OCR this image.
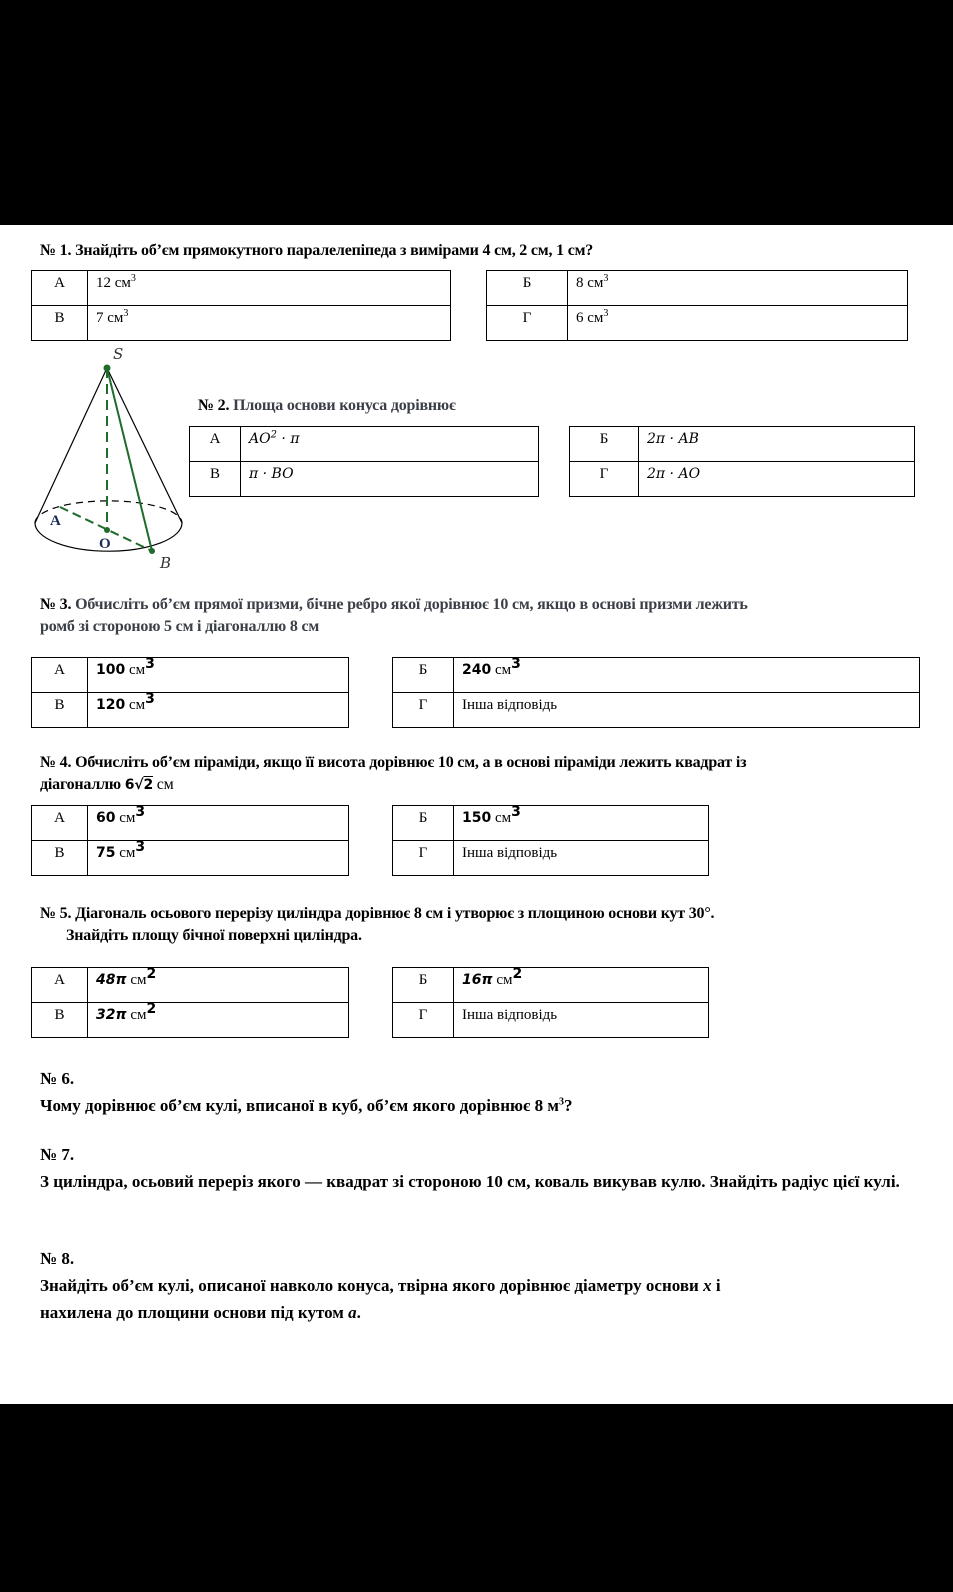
№ 1. Знайдіть об’єм прямокутного паралелепіпеда з вимірами 4 см, 2 см, 1 см?
А	12 $см^3$
В	7 $см^3$
Б	8 $см^3$
Г	6 $см^3$
S
A
O
B
№ 2. Площа основи конуса дорівнює
А	$AO^2 \cdot \pi$
В	π · BO
Б	2π · AB
Г	2π · AO
№ 3. Обчисліть об’єм прямої призми, бічне ребро якої дорівнює 10 см, якщо в основі призми лежить
ромб зі стороною 5 см і діагоналлю 8 см
А	100 $см^3$
В	120 $см^3$
Б	240 $см^3$
Г	Інша відповідь
№ 4. Обчисліть об’єм піраміди, якщо її висота дорівнює 10 см, а в основі піраміди лежить квадрат із
діагоналлю 6√2 см
А	60 $см^3$
В	75 $см^3$
Б	150 $см^3$
Г	Інша відповідь
№ 5. Діагональ осьового перерізу циліндра дорівнює 8 см і утворює з площиною основи кут 30°.
Знайдіть площу бічної поверхні циліндра.
А	48π $см^2$
В	32π $см^2$
Б	16π $см^2$
Г	Інша відповідь
№ 6.
Чому дорівнює об’єм кулі, вписаної в куб, об’єм якого дорівнює 8 $м^3$?
№ 7.
З циліндра, осьовий переріз якого — квадрат зі стороною 10 см, коваль викував кулю. Знайдіть радіус цієї кулі.
№ 8.
Знайдіть об’єм кулі, описаної навколо конуса, твірна якого дорівнює діаметру основи x і
нахилена до площини основи під кутом a.
